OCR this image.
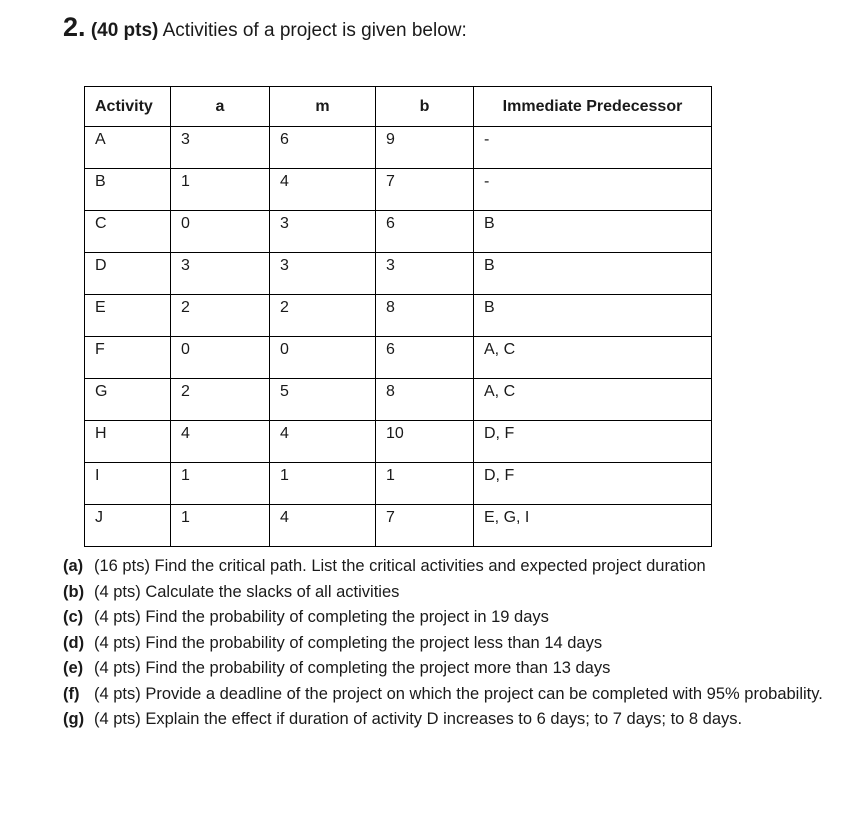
2. (40 pts) Activities of a project is given below:
Activity	a	m	b	Immediate Predecessor
A	3	6	9	-
B	1	4	7	-
C	0	3	6	B
D	3	3	3	B
E	2	2	8	B
F	0	0	6	A, C
G	2	5	8	A, C
H	4	4	10	D, F
I	1	1	1	D, F
J	1	4	7	E, G, I
(a) (16 pts) Find the critical path. List the critical activities and expected project duration
(b) (4 pts) Calculate the slacks of all activities
(c) (4 pts) Find the probability of completing the project in 19 days
(d) (4 pts) Find the probability of completing the project less than 14 days
(e) (4 pts) Find the probability of completing the project more than 13 days
(f) (4 pts) Provide a deadline of the project on which the project can be completed with 95% probability.
(g) (4 pts) Explain the effect if duration of activity D increases to 6 days; to 7 days; to 8 days.
